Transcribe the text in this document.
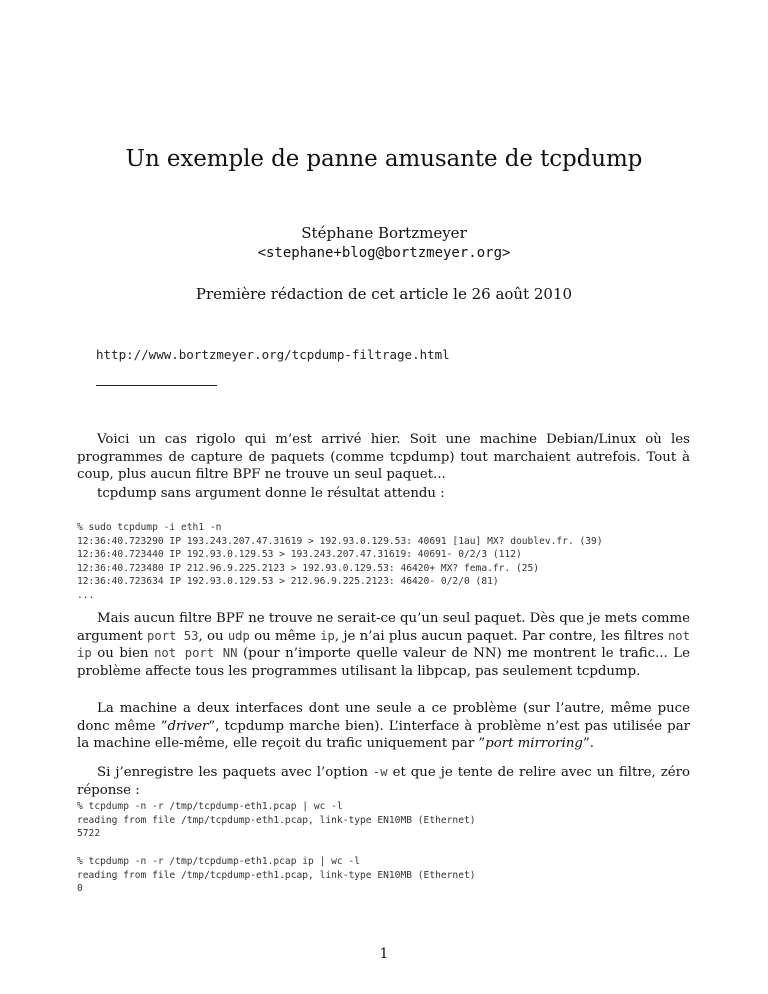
Un exemple de panne amusante de tcpdump
Stéphane Bortzmeyer
<stephane+blog@bortzmeyer.org>
Première rédaction de cet article le 26 août 2010
http://www.bortzmeyer.org/tcpdump-filtrage.html

Voici un cas rigolo qui m’est arrivé hier. Soit une machine Debian/Linux où les programmes de capture de paquets (comme tcpdump) tout marchaient autrefois. Tout à coup, plus aucun filtre BPF ne trouve un seul paquet...

tcpdump sans argument donne le résultat attendu :

% sudo tcpdump -i eth1 -n
12:36:40.723290 IP 193.243.207.47.31619 > 192.93.0.129.53: 40691 [1au] MX? doublev.fr. (39)
12:36:40.723440 IP 192.93.0.129.53 > 193.243.207.47.31619: 40691- 0/2/3 (112)
12:36:40.723480 IP 212.96.9.225.2123 > 192.93.0.129.53: 46420+ MX? fema.fr. (25)
12:36:40.723634 IP 192.93.0.129.53 > 212.96.9.225.2123: 46420- 0/2/0 (81)
...

Mais aucun filtre BPF ne trouve ne serait-ce qu’un seul paquet. Dès que je mets comme argument port 53, ou udp ou même ip, je n’ai plus aucun paquet. Par contre, les filtres not ip ou bien not port NN (pour n’importe quelle valeur de NN) me montrent le trafic... Le problème affecte tous les programmes utilisant la libpcap, pas seulement tcpdump.

La machine a deux interfaces dont une seule a ce problème (sur l’autre, même puce donc même ”driver”, tcpdump marche bien). L’interface à problème n’est pas utilisée par la machine elle-même, elle reçoit du trafic uniquement par ”port mirroring”.

Si j’enregistre les paquets avec l’option -w et que je tente de relire avec un filtre, zéro réponse :

% tcpdump -n -r /tmp/tcpdump-eth1.pcap | wc -l
reading from file /tmp/tcpdump-eth1.pcap, link-type EN10MB (Ethernet)
5722
% tcpdump -n -r /tmp/tcpdump-eth1.pcap ip | wc -l
reading from file /tmp/tcpdump-eth1.pcap, link-type EN10MB (Ethernet)
0
1
